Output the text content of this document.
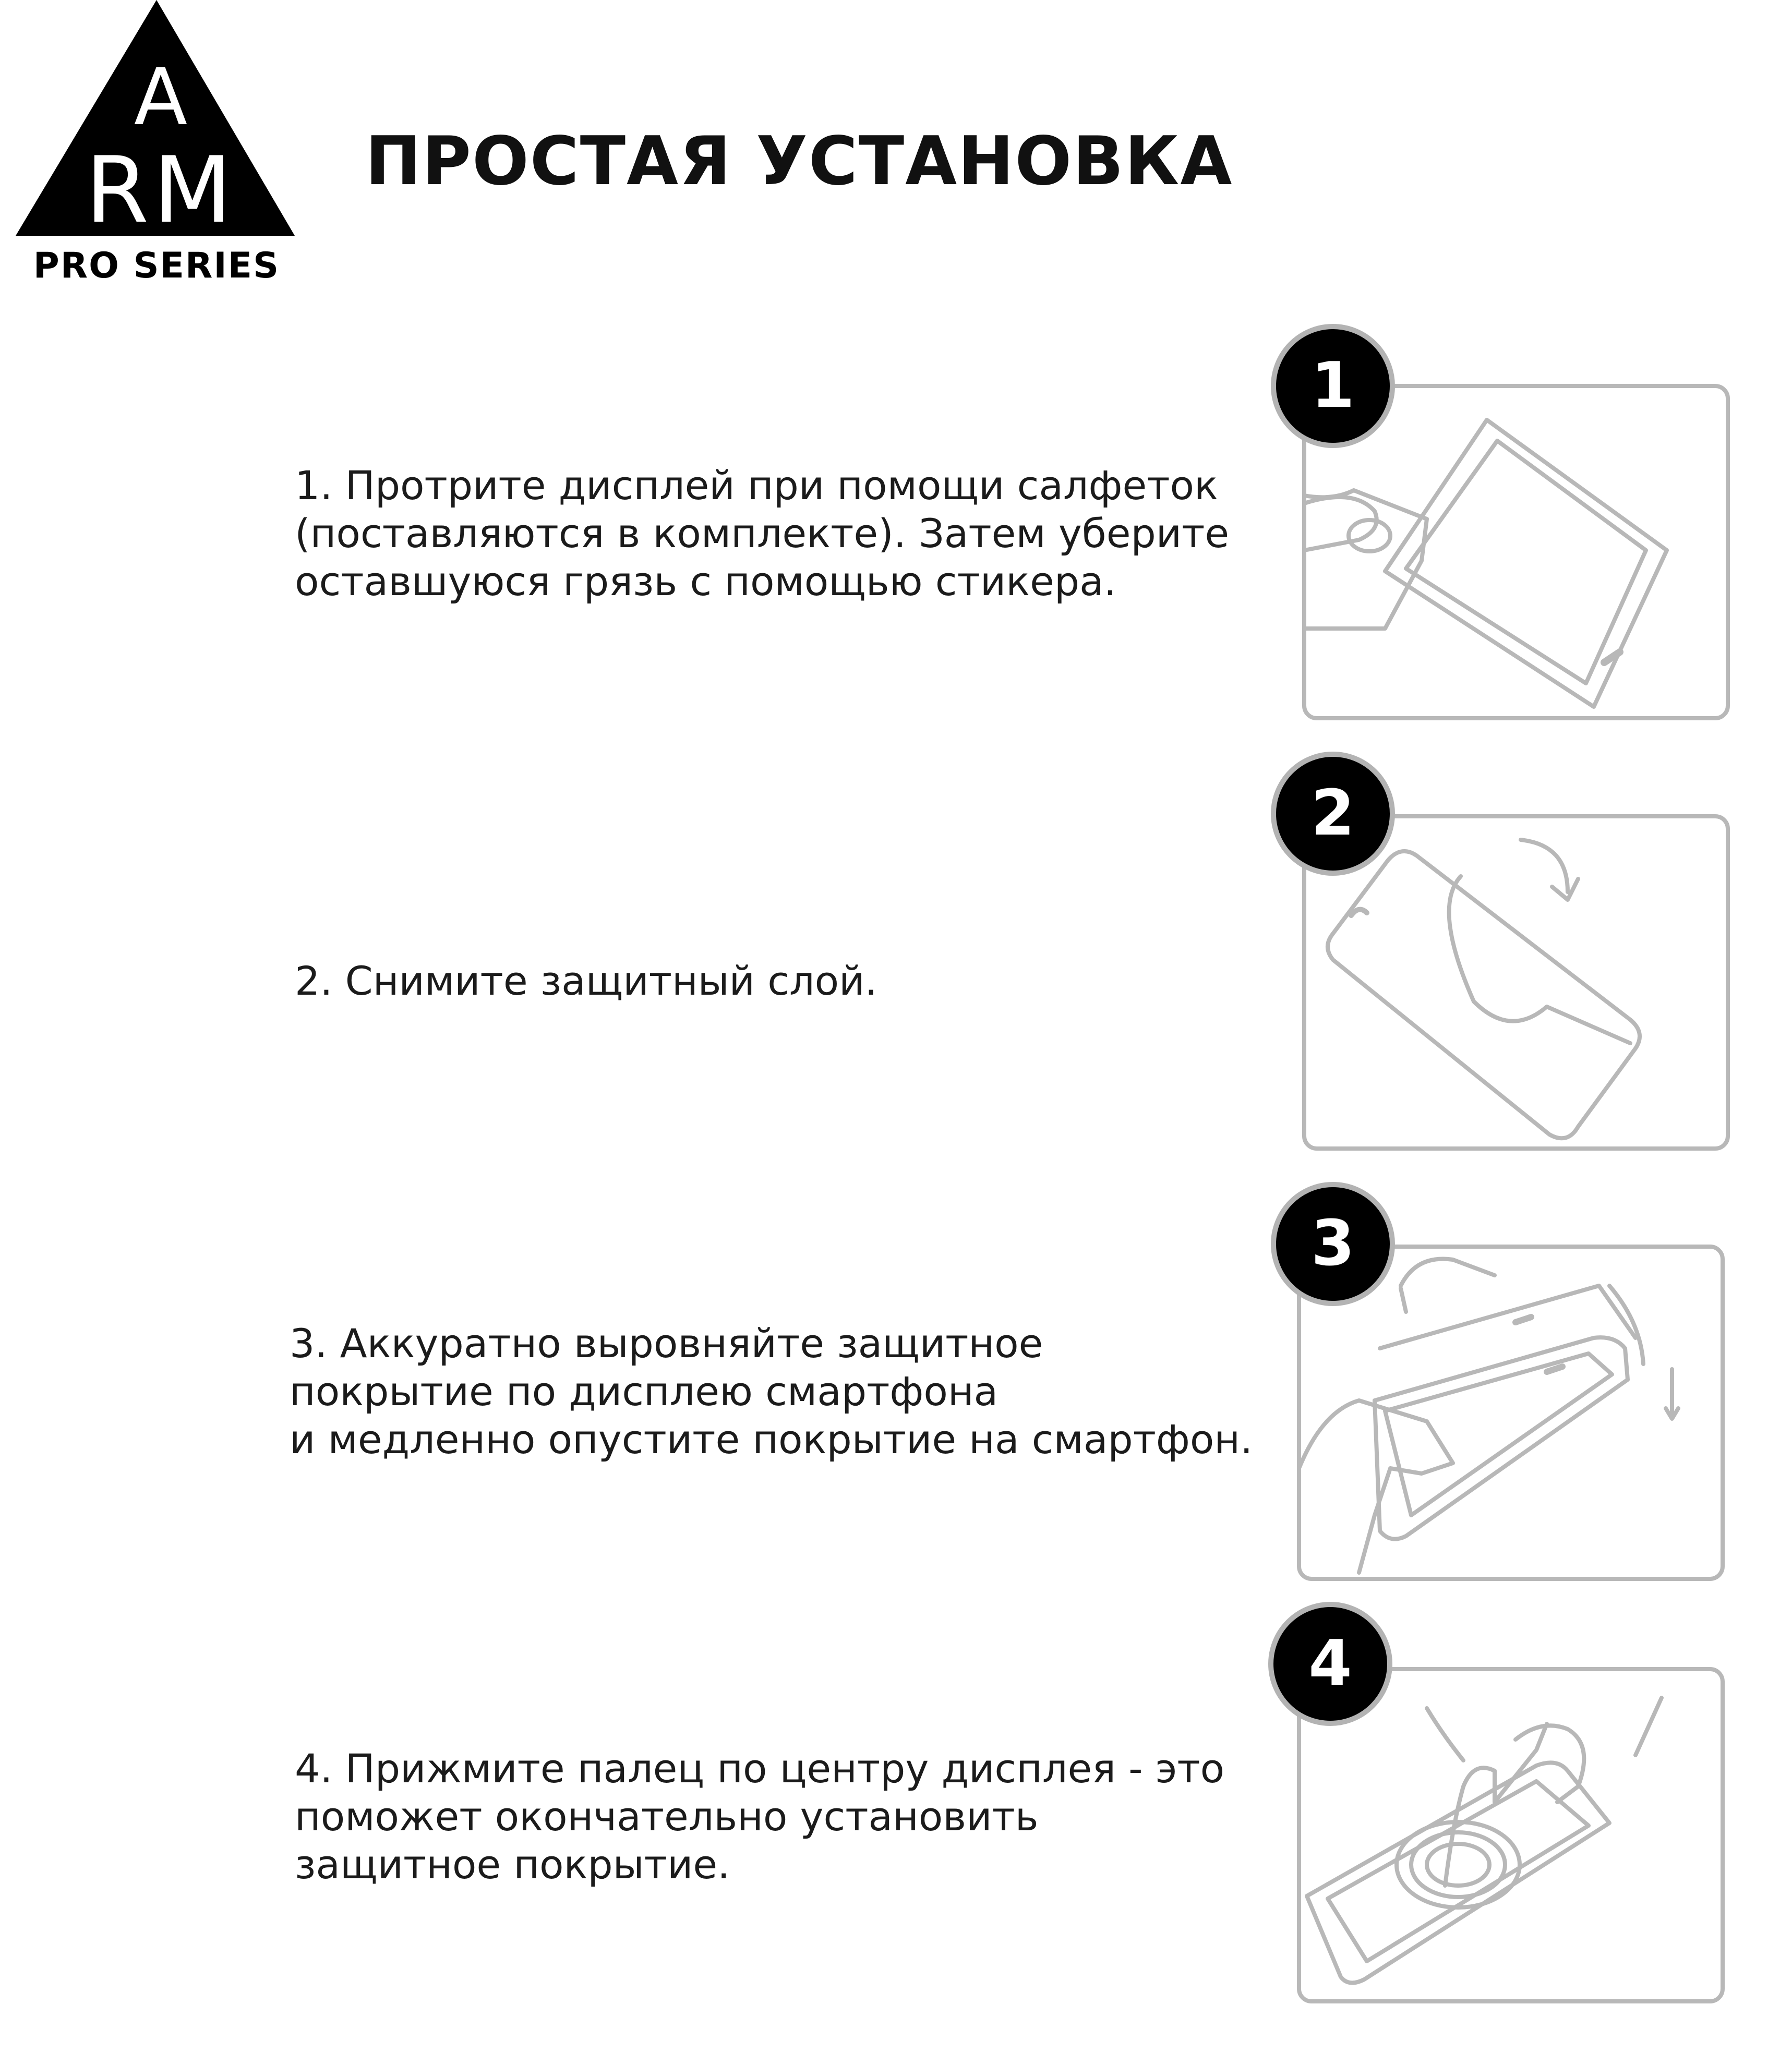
A
RM
PRO SERIES
ПРОСТАЯ УСТАНОВКА
1. Протрите дисплей при помощи салфеток
(поставляются в комплекте). Затем уберите
оставшуюся грязь с помощью стикера.
1
2. Снимите защитный слой.
2
3. Аккуратно выровняйте защитное
покрытие по дисплею смартфона
и медленно опустите покрытие на смартфон.
3
4. Прижмите палец по центру дисплея - это
поможет окончательно установить
защитное покрытие.
4
